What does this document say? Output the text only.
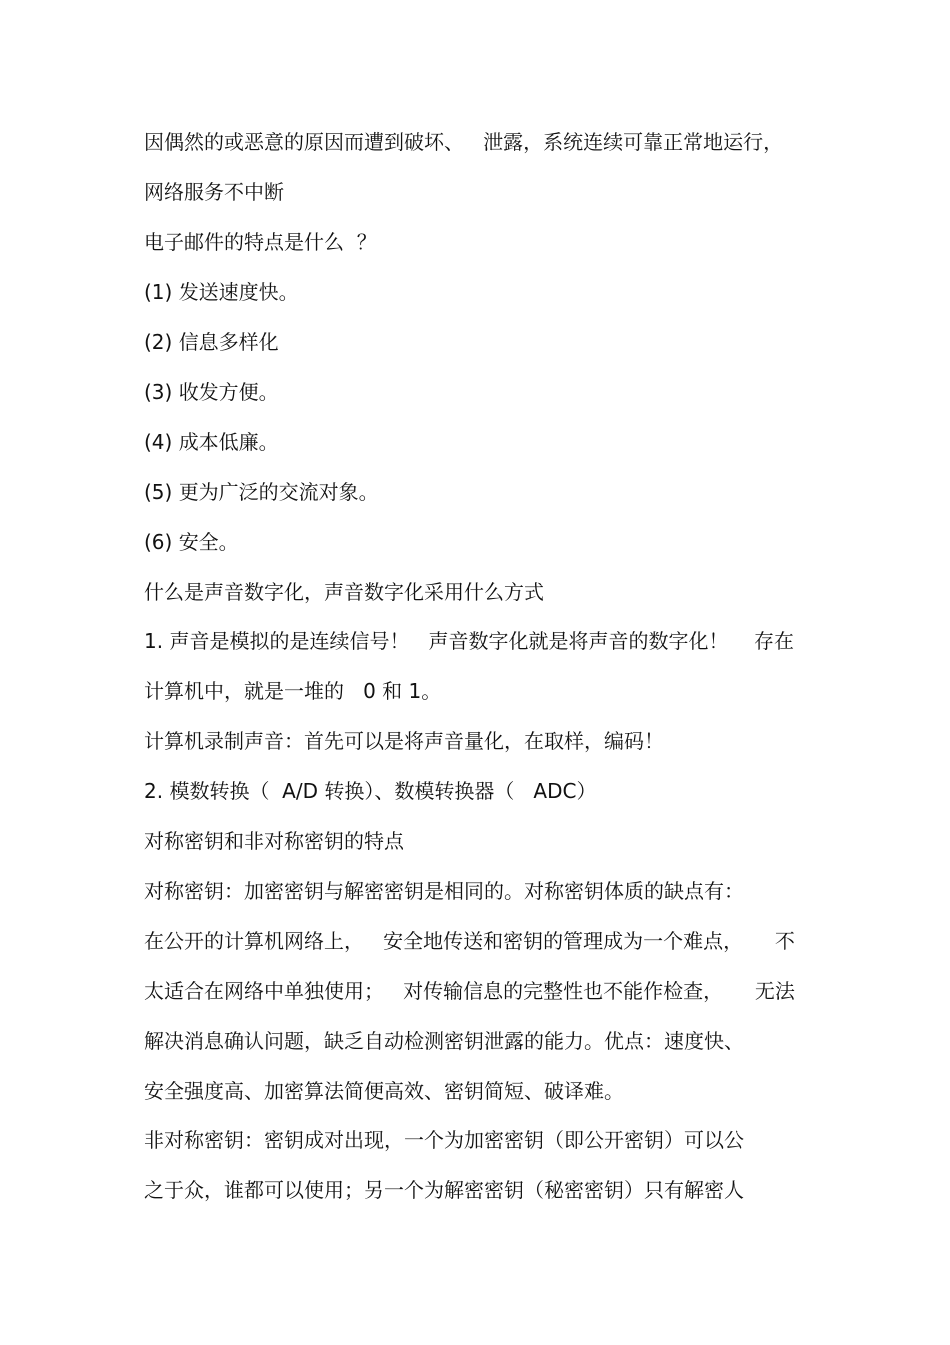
因偶然的或恶意的原因而遭到破坏、   泄露，系统连续可靠正常地运行，
网络服务不中断
电子邮件的特点是什么  ？
(1) 发送速度快。
(2) 信息多样化
(3) 收发方便。
(4) 成本低廉。
(5) 更为广泛的交流对象。
(6) 安全。
什么是声音数字化，声音数字化采用什么方式
1. 声音是模拟的是连续信号！   声音数字化就是将声音的数字化！    存在
计算机中，就是一堆的   0 和 1。
计算机录制声音：首先可以是将声音量化，在取样，编码！
2. 模数转换（  A/D 转换）、数模转换器（   ADC）
对称密钥和非对称密钥的特点
对称密钥：加密密钥与解密密钥是相同的。对称密钥体质的缺点有：
在公开的计算机网络上，   安全地传送和密钥的管理成为一个难点，     不
太适合在网络中单独使用；   对传输信息的完整性也不能作检查，     无法
解决消息确认问题，缺乏自动检测密钥泄露的能力。优点：速度快、
安全强度高、加密算法简便高效、密钥简短、破译难。
非对称密钥：密钥成对出现，一个为加密密钥（即公开密钥）可以公
之于众，谁都可以使用；另一个为解密密钥（秘密密钥）只有解密人
